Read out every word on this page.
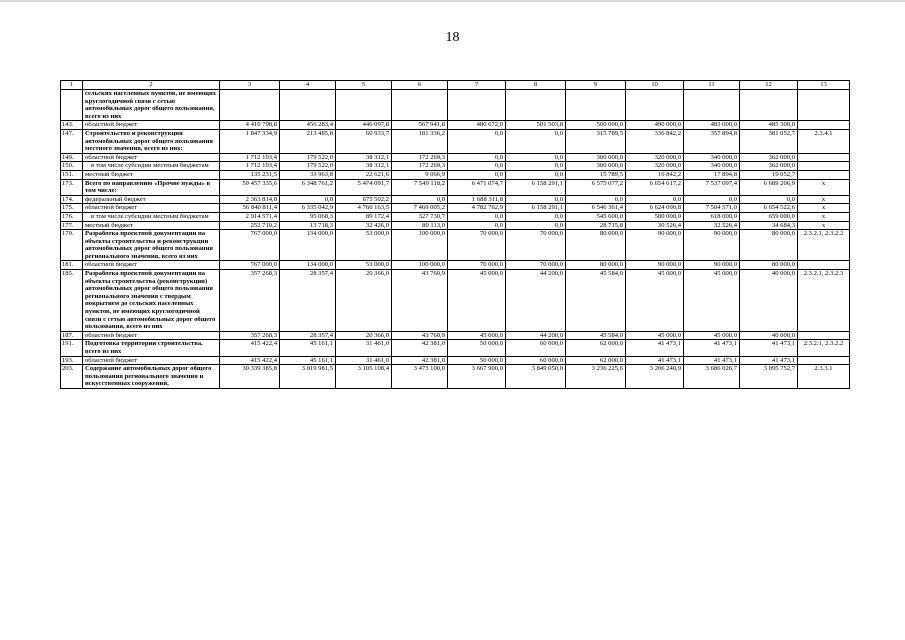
18
1	2	3	4	5	6	7	8	9	10	11	12	13
	сельских населенных пунктов, не имеющих круглогодичной связи с сетью автомобильных дорог общего пользования, всего из них											
143.	областной бюджет	4 410 798,8	456 283,4	446 097,8	567 941,8	480 672,0	501 503,8	500 000,0	490 000,0	483 000,0	485 300,0	
147.	Строительство и реконструкция автомобильных дорог общего пользования местного значения, всего из них:	1 847 334,9	213 485,8	60 933,7	181 336,2	0,0	0,0	315 789,5	336 842,2	357 894,8	381 052,7	2.3.4.1
149.	областной бюджет	1 712 103,4	179 522,0	38 312,1	172 269,3	0,0	0,0	300 000,0	320 000,0	340 000,0	362 000,0	
150.	в том числе субсидии местным бюджетам	1 712 103,4	179 522,0	38 312,1	172 269,3	0,0	0,0	300 000,0	320 000,0	340 000,0	362 000,0	
151.	местный бюджет	135 231,5	33 963,8	22 621,6	9 066,9	0,0	0,0	15 789,5	16 842,2	17 894,8	19 052,7	
173.	Всего по направлению «Прочие нужды» в том числе:	59 457 335,6	6 348 761,2	5 474 091,7	7 549 118,2	6 471 074,7	6 158 291,1	6 575 077,2	6 654 617,2	7 537 097,4	6 689 206,9	x
174.	федеральный бюджет	2 363 814,0	0,0	675 502,2	0,0	1 688 311,8	0,0	0,0	0,0	0,0	0,0	x
175.	областной бюджет	56 840 811,4	6 335 042,9	4 766 163,5	7 469 005,2	4 782 762,9	6 158 291,1	6 546 361,4	6 624 090,8	7 504 571,0	6 654 522,6	x
176.	в том числе субсидии местным бюджетам	2 914 571,4	95 068,3	89 172,4	327 730,7	0,0	0,0	545 600,0	580 000,0	618 000,0	659 000,0	x
177.	местный бюджет	252 710,2	13 718,3	32 426,0	80 113,0	0,0	0,0	28 715,8	30 526,4	32 526,4	34 684,3	x
179.	Разработка проектной документации на объекты строительства и реконструкции автомобильных дорог общего пользования регионального значения, всего из них	767 000,0	134 000,0	53 000,0	100 000,0	70 000,0	70 000,0	80 000,0	90 000,0	90 000,0	80 000,0	2.3.2.1, 2.3.2.2
181.	областной бюджет	767 000,0	134 000,0	53 000,0	100 000,0	70 000,0	70 000,0	80 000,0	90 000,0	90 000,0	80 000,0	
185.	Разработка проектной документации на объекты строительства (реконструкции) автомобильных дорог общего пользования регионального значения с твердым покрытием до сельских населенных пунктов, не имеющих круглогодичной связи с сетью автомобильных дорог общего пользования, всего из них	357 268,3	28 357,4	20 366,0	43 760,9	45 000,0	44 200,0	45 584,0	45 000,0	45 000,0	40 000,0	2.3.2.1, 2.3.2.3
187.	областной бюджет	357 268,3	28 357,4	20 366,0	43 760,9	45 000,0	44 200,0	45 584,0	45 000,0	45 000,0	40 000,0	
191.	Подготовка территории строительства, всего из них	415 422,4	45 161,1	31 461,0	42 381,0	50 000,0	60 000,0	62 000,0	41 473,1	41 473,1	41 473,1	2.3.2.1, 2.3.2.2
193.	областной бюджет	415 422,4	45 161,1	31 461,0	42 381,0	50 000,0	60 000,0	62 000,0	41 473,1	41 473,1	41 473,1	
203.	Содержание автомобильных дорог общего пользования регионального значения и искусственных сооружений,	30 339 385,8	3 019 981,5	3 105 108,4	3 473 100,0	3 667 900,0	3 849 050,0	3 236 225,6	3 206 240,9	3 686 026,7	3 095 752,7	2.3.3.1
